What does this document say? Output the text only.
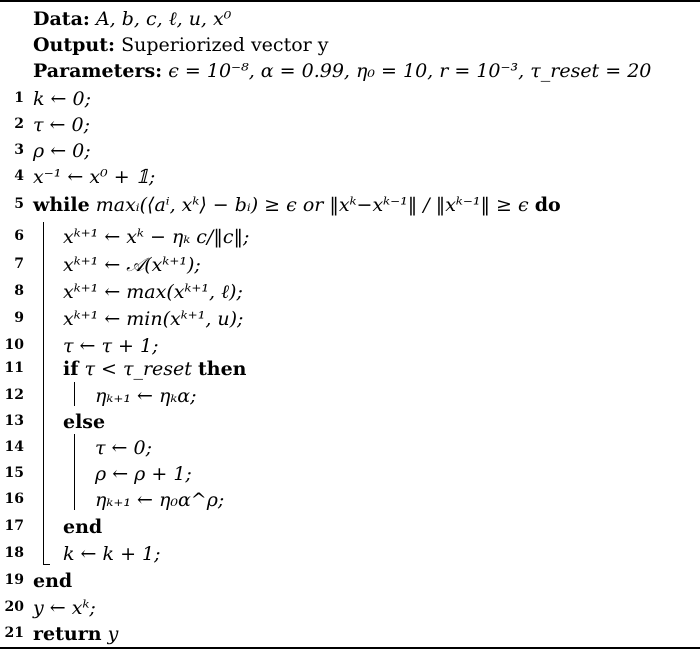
Data: A, b, c, ℓ, u, x⁰
Output: Superiorized vector y
Parameters: ϵ = 10⁻⁸, α = 0.99, η₀ = 10, r = 10⁻³, τ_reset = 20
1 k ← 0;
2 τ ← 0;
3 ρ ← 0;
4 x⁻¹ ← x⁰ + 𝟙;
5 while maxᵢ(⟨aⁱ, xᵏ⟩ − bᵢ) ≥ ϵ or ‖xᵏ−xᵏ⁻¹‖ / ‖xᵏ⁻¹‖ ≥ ϵ do
6 xᵏ⁺¹ ← xᵏ − ηₖ c/‖c‖;
7 xᵏ⁺¹ ← 𝒜(xᵏ⁺¹);
8 xᵏ⁺¹ ← max(xᵏ⁺¹, ℓ);
9 xᵏ⁺¹ ← min(xᵏ⁺¹, u);
10 τ ← τ + 1;
11 if τ < τ_reset then
12	ηₖ₊₁ ← ηₖα;
13 else
14	τ ← 0;
15	ρ ← ρ + 1;
16	ηₖ₊₁ ← η₀α^ρ;
17 end
18 k ← k + 1;
19 end
20 y ← xᵏ;
21 return y
